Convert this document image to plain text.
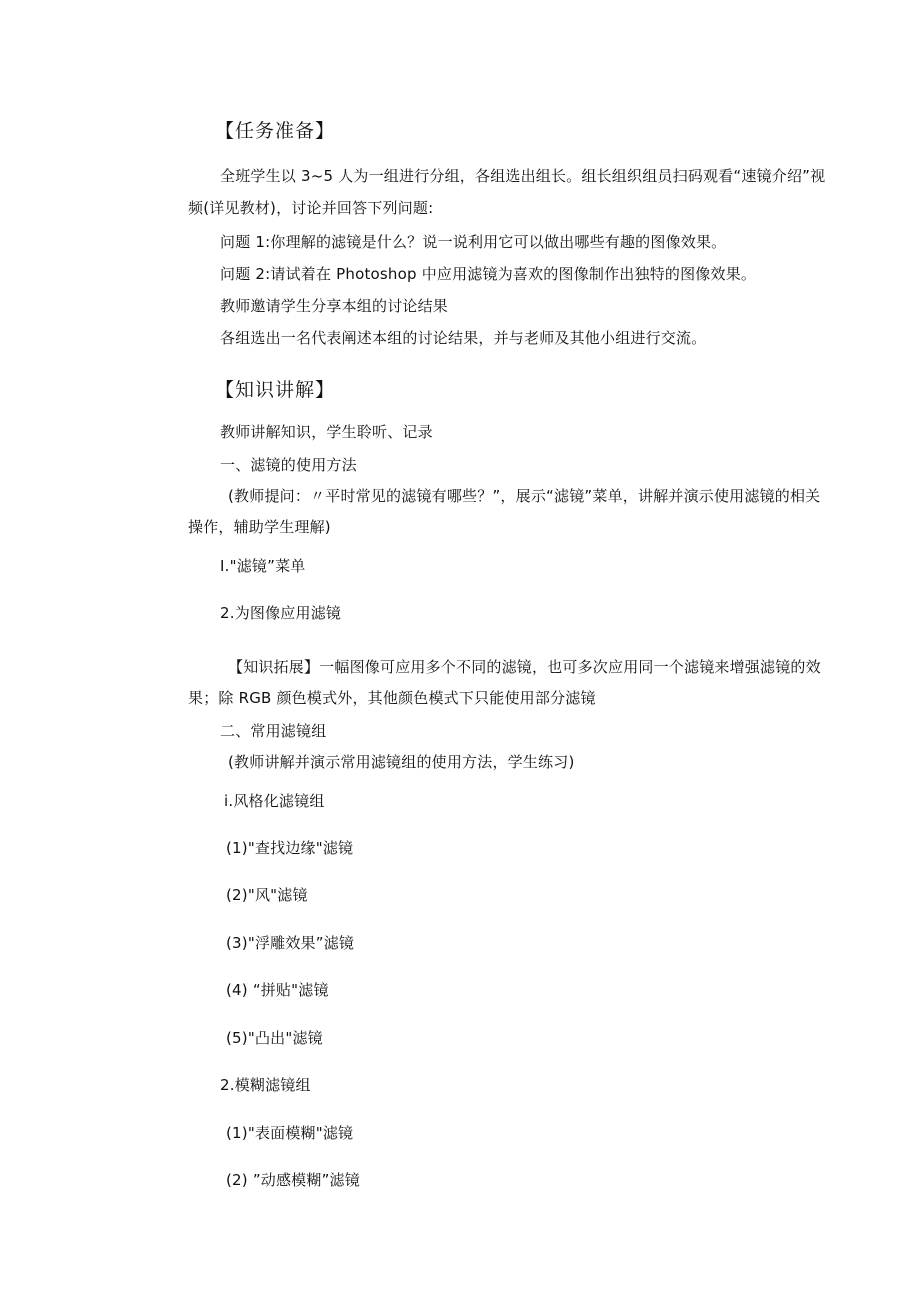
【任务准备】
全班学生以 3~5 人为一组进行分组，各组选出组长。组长组织组员扫码观看“速镜介绍”视
频(详见教材)，讨论并回答下列问题:
问题 1:你理解的滤镜是什么？说一说利用它可以做出哪些有趣的图像效果。
问题 2:请试着在 Photoshop 中应用滤镜为喜欢的图像制作出独特的图像效果。
教师邀请学生分享本组的讨论结果
各组选出一名代表阐述本组的讨论结果，并与老师及其他小组进行交流。
【知识讲解】
教师讲解知识，学生聆听、记录
一、滤镜的使用方法
(教师提问：〃平时常见的滤镜有哪些？”，展示“滤镜”菜单，讲解并演示使用滤镜的相关
操作，辅助学生理解)
I."滤镜”菜单
2.为图像应用滤镜
【知识拓展】一幅图像可应用多个不同的滤镜，也可多次应用同一个滤镜来增强滤镜的效
果；除 RGB 颜色模式外，其他颜色模式下只能使用部分滤镜
二、常用滤镜组
(教师讲解并演示常用滤镜组的使用方法，学生练习)
i.风格化滤镜组
(1)"查找边缘"滤镜
(2)"风"滤镜
(3)"浮雕效果”滤镜
(4) “拼贴"滤镜
(5)"凸出"滤镜
2.模糊滤镜组
(1)"表面模糊"滤镜
(2) ”动感模糊”滤镜
